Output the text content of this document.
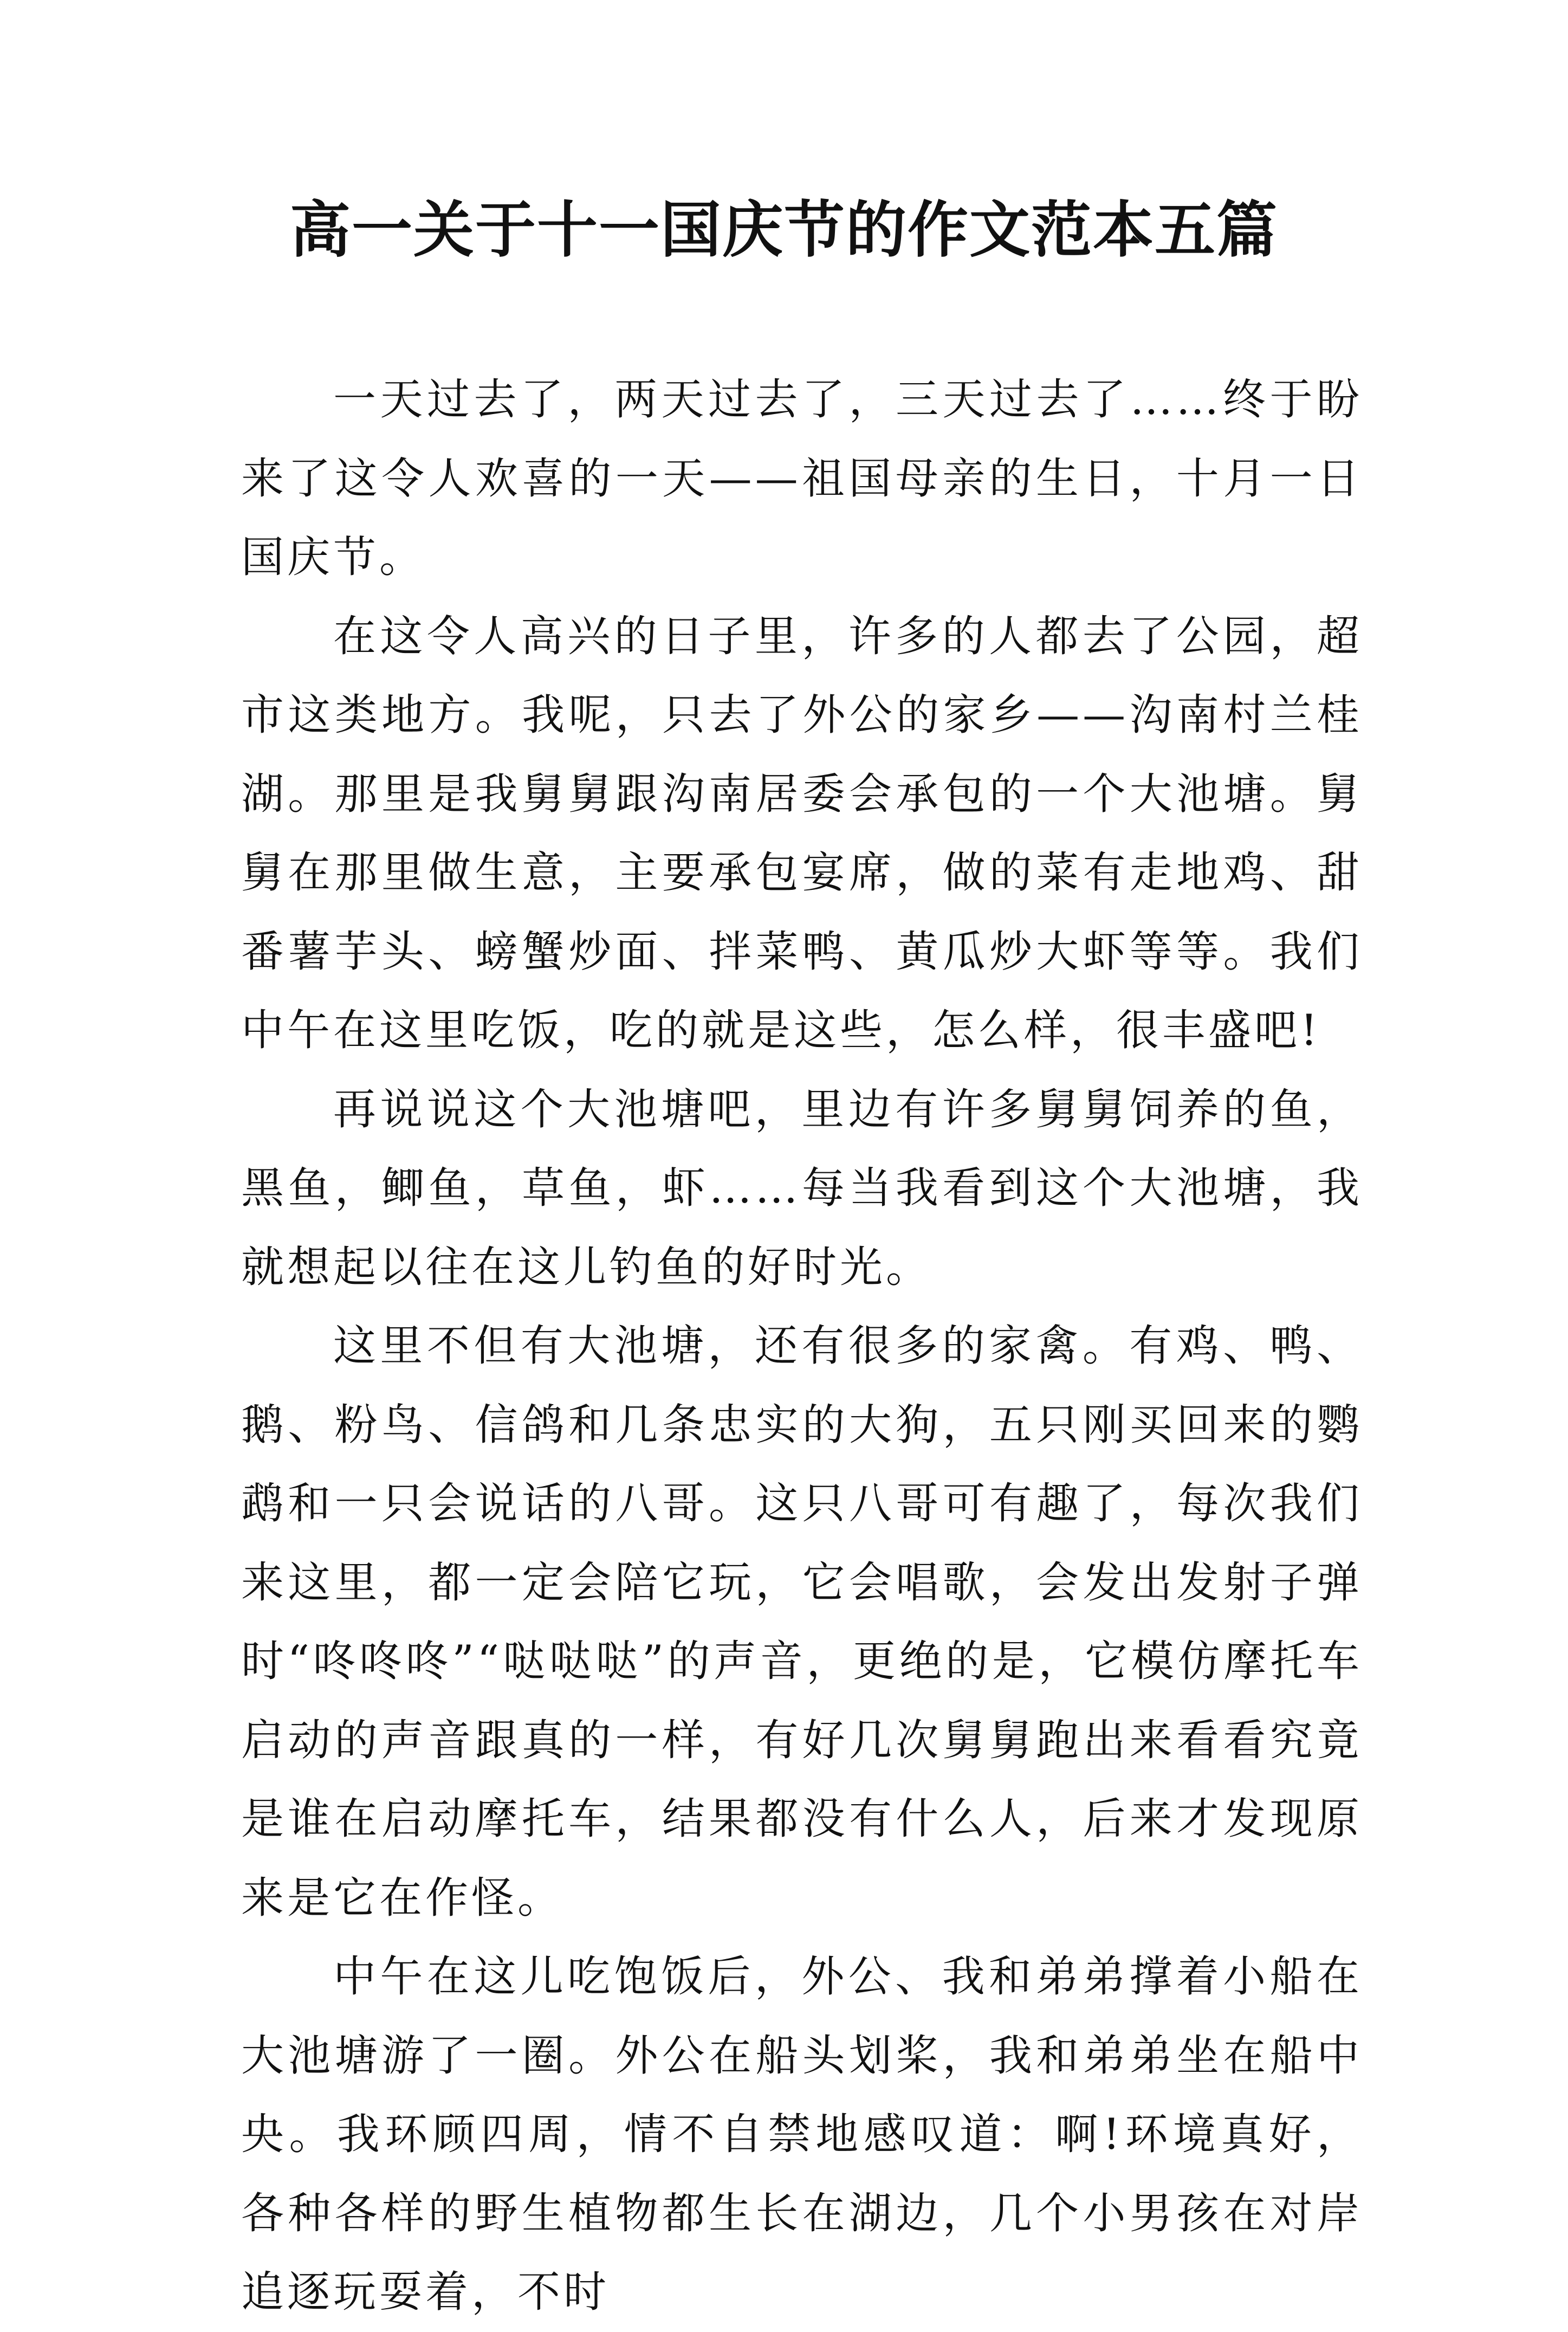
高一关于十一国庆节的作文范本五篇

一天过去了，两天过去了，三天过去了……终于盼来了这令人欢喜的一天——祖国母亲的生日，十月一日国庆节。

在这令人高兴的日子里，许多的人都去了公园，超市这类地方。我呢，只去了外公的家乡——沟南村兰桂湖。那里是我舅舅跟沟南居委会承包的一个大池塘。舅舅在那里做生意，主要承包宴席，做的菜有走地鸡、甜番薯芋头、螃蟹炒面、拌菜鸭、黄瓜炒大虾等等。我们中午在这里吃饭，吃的就是这些，怎么样，很丰盛吧!

再说说这个大池塘吧，里边有许多舅舅饲养的鱼，黑鱼，鲫鱼，草鱼，虾……每当我看到这个大池塘，我就想起以往在这儿钓鱼的好时光。

这里不但有大池塘，还有很多的家禽。有鸡、鸭、鹅、粉鸟、信鸽和几条忠实的大狗，五只刚买回来的鹦鹉和一只会说话的八哥。这只八哥可有趣了，每次我们来这里，都一定会陪它玩，它会唱歌，会发出发射子弹时“咚咚咚”“哒哒哒”的声音，更绝的是，它模仿摩托车启动的声音跟真的一样，有好几次舅舅跑出来看看究竟是谁在启动摩托车，结果都没有什么人，后来才发现原来是它在作怪。

中午在这儿吃饱饭后，外公、我和弟弟撑着小船在大池塘游了一圈。外公在船头划桨，我和弟弟坐在船中央。我环顾四周，情不自禁地感叹道：啊!环境真好，各种各样的野生植物都生长在湖边，几个小男孩在对岸追逐玩耍着，不时
